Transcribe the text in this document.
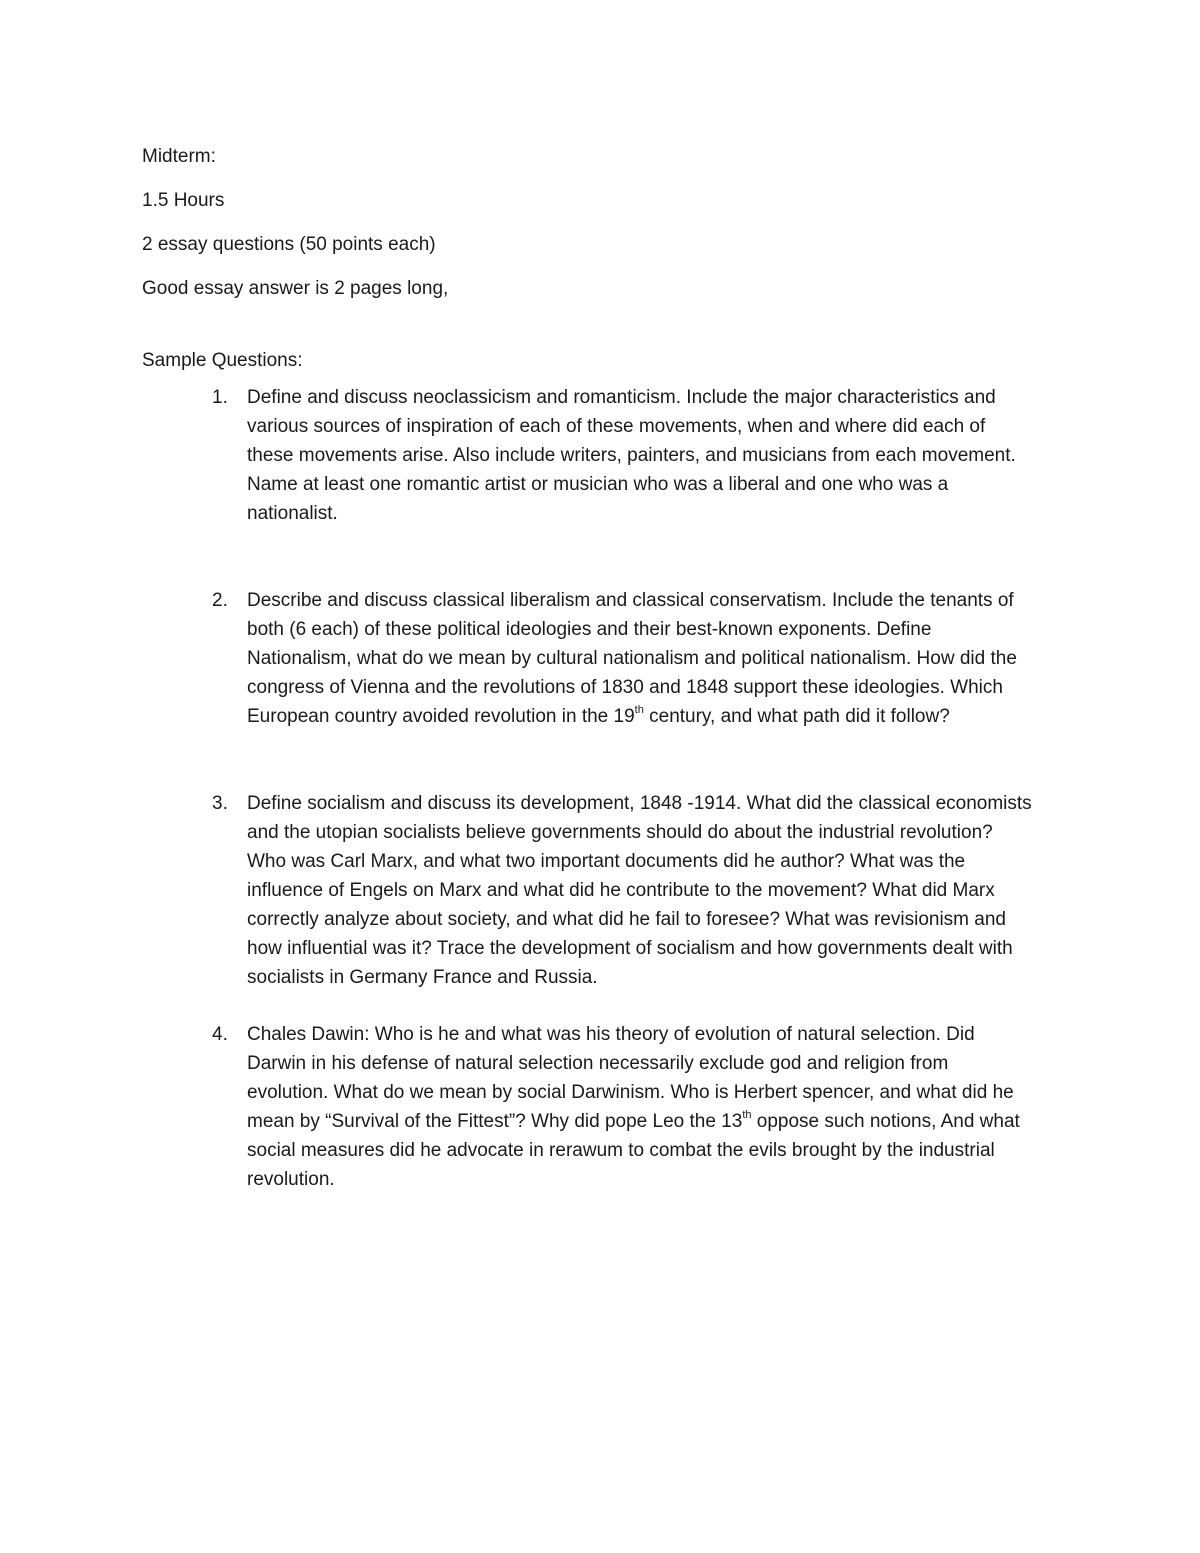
Midterm:

1.5 Hours

2 essay questions (50 points each)

Good essay answer is 2 pages long,

Sample Questions:

1. Define and discuss neoclassicism and romanticism. Include the major characteristics and
various sources of inspiration of each of these movements, when and where did each of
these movements arise. Also include writers, painters, and musicians from each movement.
Name at least one romantic artist or musician who was a liberal and one who was a
nationalist.
2. Describe and discuss classical liberalism and classical conservatism. Include the tenants of
both (6 each) of these political ideologies and their best-known exponents. Define
Nationalism, what do we mean by cultural nationalism and political nationalism. How did the
congress of Vienna and the revolutions of 1830 and 1848 support these ideologies. Which
European country avoided revolution in the 19th century, and what path did it follow?
3. Define socialism and discuss its development, 1848 -1914. What did the classical economists
and the utopian socialists believe governments should do about the industrial revolution?
Who was Carl Marx, and what two important documents did he author? What was the
influence of Engels on Marx and what did he contribute to the movement? What did Marx
correctly analyze about society, and what did he fail to foresee? What was revisionism and
how influential was it? Trace the development of socialism and how governments dealt with
socialists in Germany France and Russia.
4. Chales Dawin: Who is he and what was his theory of evolution of natural selection. Did
Darwin in his defense of natural selection necessarily exclude god and religion from
evolution. What do we mean by social Darwinism. Who is Herbert spencer, and what did he
mean by “Survival of the Fittest”? Why did pope Leo the 13th oppose such notions, And what
social measures did he advocate in rerawum to combat the evils brought by the industrial
revolution.
